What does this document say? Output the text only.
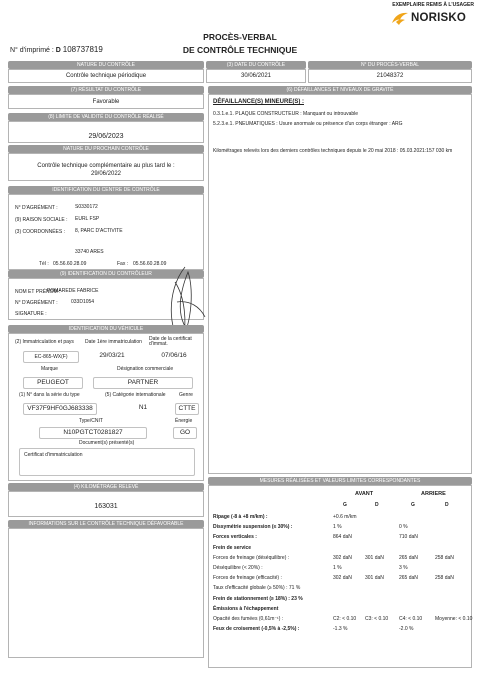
EXEMPLAIRE REMIS À L'USAGER
NORISKO
PROCÈS-VERBAL
DE CONTRÔLE TECHNIQUE
N° d'imprimé : D 108737819
NATURE DU CONTRÔLE
Contrôle technique périodique
(3) DATE DU CONTRÔLE
30/06/2021
N° DU PROCÈS-VERBAL
21048372
(7) RÉSULTAT DU CONTRÔLE
Favorable
(8) LIMITE DE VALIDITÉ DU CONTRÔLE RÉALISÉ
29/06/2023
NATURE DU PROCHAIN CONTRÔLE
Contrôle technique complémentaire au plus tard le : 29/06/2022
IDENTIFICATION DU CENTRE DE CONTRÔLE
N° D'AGRÉMENT :	S0330172
(9) RAISON SOCIALE : EURL FSP
(3) COORDONNÉES : 8, PARC D'ACTIVITE
33740 ARES
Tél : 05.56.60.28.09	Fax : 05.56.60.28.09
(9) IDENTIFICATION DU CONTRÔLEUR
NOM ET PRÉNOM :
POMAREDE FABRICE
N° D'AGRÉMENT :	033D1054
SIGNATURE :
IDENTIFICATION DU VÉHICULE
(2) Immatriculation et pays Date 1ère immatriculation Date de la certificat d'immat.
EC-865-WX(F)	29/03/21	07/06/16
Marque	Désignation commerciale
PEUGEOT	PARTNER
(1) N° dans la série du type	(5) Catégorie internationale	Genre
VF37F9HF0GJ683338	N1	CTTE
Type/CNIT	Énergie
N10PGTCT0281827	GO
Document(s) présenté(s)
Certificat d'immatriculation
(4) KILOMÉTRAGE RELEVÉ
163031
INFORMATIONS SUR LE CONTRÔLE TECHNIQUE DÉFAVORABLE
(6) DÉFAILLANCES ET NIVEAUX DE GRAVITÉ
DÉFAILLANCE(S) MINEURE(S) :
0.3.1.e.1. PLAQUE CONSTRUCTEUR : Manquant ou introuvable
5.2.3.e.1. PNEUMATIQUES : Usure anormale ou présence d'un corps étranger : ARG
Kilométrages relevés lors des derniers contrôles techniques depuis le 20 mai 2018 : 05.03.2021:157 030 km
MESURES RÉALISÉES ET VALEURS LIMITES CORRESPONDANTES
AVANT	ARRIERE
G	D	G	D
Ripage (-8 à +8 m/km) :	+0.6 m/km
Dissymétrie suspension (≤ 30%) :	1 %	0 %
Forces verticales :	864 daN	710 daN
Frein de service
Forces de freinage (déséquilibre) :	302 daN	301 daN	265 daN	258 daN
Déséquilibre (< 20%) :	1 %	3 %
Forces de freinage (efficacité) :	302 daN	301 daN	265 daN	258 daN
Taux d'efficacité globale (≥ 50%) : 71 %
Frein de stationnement (≥ 18%) : 23 %
Émissions à l'échappement
Opacité des fumées (0,61m⁻¹) :	C2: < 0.10 C3: < 0.10 C4: < 0.10	Moyenne: < 0.10
Feux de croisement (-0,5% à -2,5%) :	-1.3 %	-2.0 %
